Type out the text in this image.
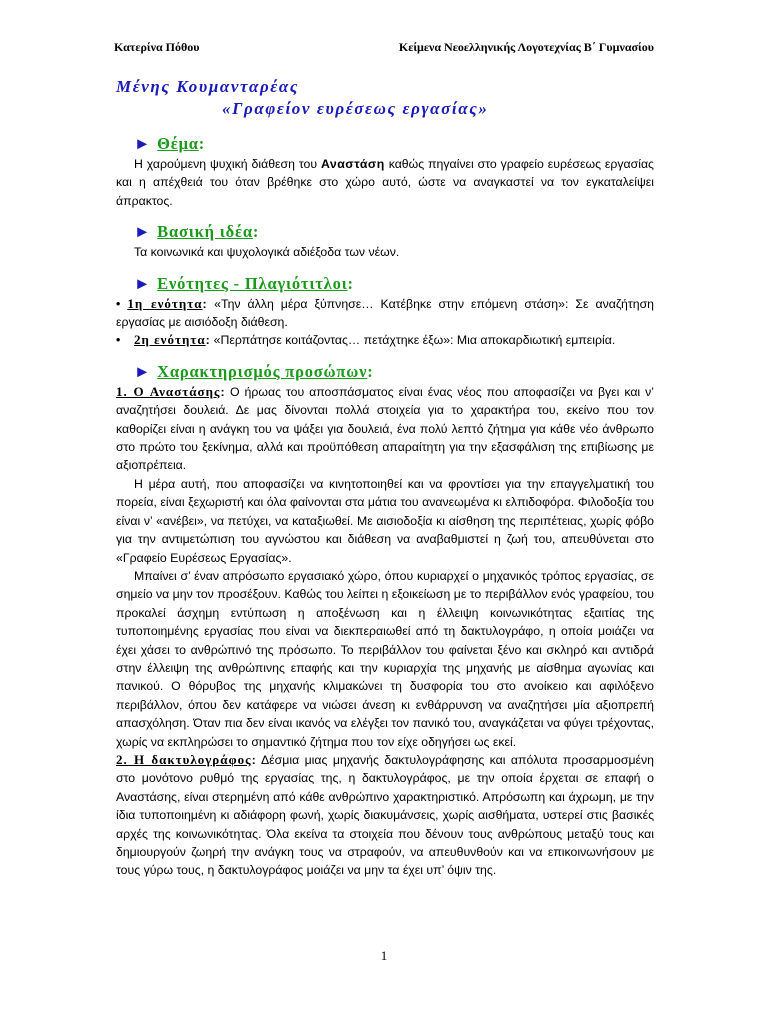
Κατερίνα Πόθου	Κείμενα Νεοελληνικής Λογοτεχνίας Β΄ Γυμνασίου
Μένης Κουμανταρέας
«Γραφείον ευρέσεως εργασίας»
► Θέμα:

Η χαρούμενη ψυχική διάθεση του Αναστάση καθώς πηγαίνει στο γραφείο ευρέσεως εργασίας και η απέχθειά του όταν βρέθηκε στο χώρο αυτό, ώστε να αναγκαστεί να τον εγκαταλείψει άπρακτος.

► Βασική ιδέα:

Τα κοινωνικά και ψυχολογικά αδιέξοδα των νέων.

► Ενότητες - Πλαγιότιτλοι:

• 1η ενότητα: «Την άλλη μέρα ξύπνησε… Κατέβηκε στην επόμενη στάση»: Σε αναζήτηση εργασίας με αισιόδοξη διάθεση.

•    2η ενότητα: «Περπάτησε κοιτάζοντας… πετάχτηκε έξω»: Μια αποκαρδιωτική εμπειρία.

► Χαρακτηρισμός προσώπων:

1. Ο Αναστάσης: Ο ήρωας του αποσπάσματος είναι ένας νέος που αποφασίζει να βγει και ν’ αναζητήσει δουλειά. Δε μας δίνονται πολλά στοιχεία για το χαρακτήρα του, εκείνο που τον καθορίζει είναι η ανάγκη του να ψάξει για δουλειά, ένα πολύ λεπτό ζήτημα για κάθε νέο άνθρωπο στο πρώτο του ξεκίνημα, αλλά και προϋπόθεση απαραίτητη για την εξασφάλιση της επιβίωσης με αξιοπρέπεια.

Η μέρα αυτή, που αποφασίζει να κινητοποιηθεί και να φροντίσει για την επαγγελματική του πορεία, είναι ξεχωριστή και όλα φαίνονται στα μάτια του ανανεωμένα κι ελπιδοφόρα. Φιλοδοξία του είναι ν’ «ανέβει», να πετύχει, να καταξιωθεί. Με αισιοδοξία κι αίσθηση της περιπέτειας, χωρίς φόβο για την αντιμετώπιση του αγνώστου και διάθεση να αναβαθμιστεί η ζωή του, απευθύνεται στο «Γραφείο Ευρέσεως Εργασίας».

Μπαίνει σ’ έναν απρόσωπο εργασιακό χώρο, όπου κυριαρχεί ο μηχανικός τρόπος εργασίας, σε σημείο να μην τον προσέξουν. Καθώς του λείπει η εξοικείωση με το περιβάλλον ενός γραφείου, του προκαλεί άσχημη εντύπωση η αποξένωση και η έλλειψη κοινωνικότητας εξαιτίας της τυποποιημένης εργασίας που είναι να διεκπεραιωθεί από τη δακτυλογράφο, η οποία μοιάζει να έχει χάσει το ανθρώπινό της πρόσωπο. Το περιβάλλον του φαίνεται ξένο και σκληρό και αντιδρά στην έλλειψη της ανθρώπινης επαφής και την κυριαρχία της μηχανής με αίσθημα αγωνίας και πανικού. Ο θόρυβος της μηχανής κλιμακώνει τη δυσφορία του στο ανοίκειο και αφιλόξενο περιβάλλον, όπου δεν κατάφερε να νιώσει άνεση κι ενθάρρυνση να αναζητήσει μία αξιοπρεπή απασχόληση. Όταν πια δεν είναι ικανός να ελέγξει τον πανικό του, αναγκάζεται να φύγει τρέχοντας, χωρίς να εκπληρώσει το σημαντικό ζήτημα που τον είχε οδηγήσει ως εκεί.

2. Η δακτυλογράφος: Δέσμια μιας μηχανής δακτυλογράφησης και απόλυτα προσαρμοσμένη στο μονότονο ρυθμό της εργασίας της, η δακτυλογράφος, με την οποία έρχεται σε επαφή ο Αναστάσης, είναι στερημένη από κάθε ανθρώπινο χαρακτηριστικό. Απρόσωπη και άχρωμη, με την ίδια τυποποιημένη κι αδιάφορη φωνή, χωρίς διακυμάνσεις, χωρίς αισθήματα, υστερεί στις βασικές αρχές της κοινωνικότητας. Όλα εκείνα τα στοιχεία που δένουν τους ανθρώπους μεταξύ τους και δημιουργούν ζωηρή την ανάγκη τους να στραφούν, να απευθυνθούν και να επικοινωνήσουν με τους γύρω τους, η δακτυλογράφος μοιάζει να μην τα έχει υπ’ όψιν της.

1
